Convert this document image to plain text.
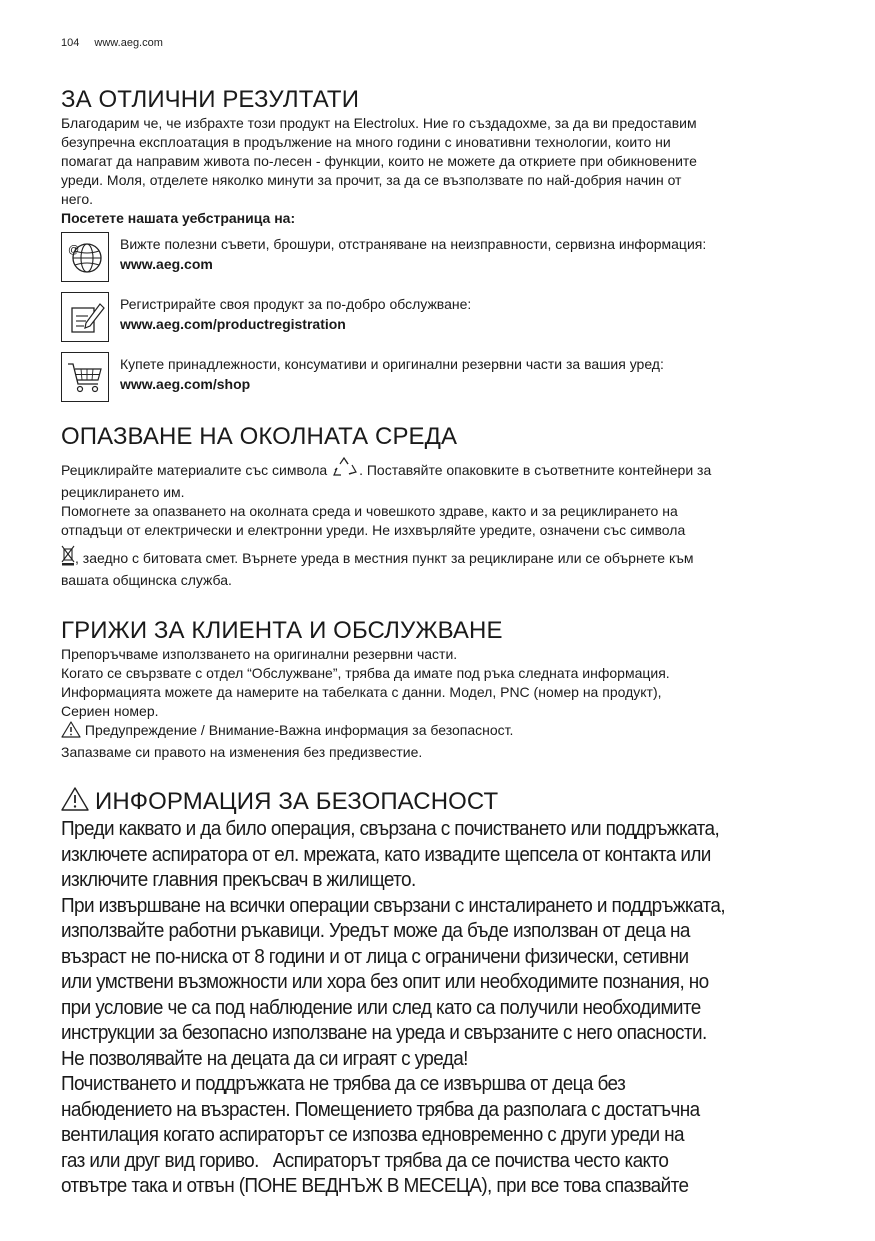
104 www.aeg.com
ЗА ОТЛИЧНИ РЕЗУЛТАТИ
Благодарим че, че избрахте този продукт на Electrolux. Ние го създадохме, за да ви предоставим
безупречна експлоатация в продължение на много години с иновативни технологии, които ни
помагат да направим живота по-лесен - функции, които не можете да откриете при обикновените
уреди. Моля, отделете няколко минути за прочит, за да се възползвате по най-добрия начин от
него.
Посетете нашата уебстраница на:
@	Вижте полезни съвети, брошури, отстраняване на неизправности, сервизна информация:
www.aeg.com
Регистрирайте своя продукт за по-добро обслужване:
www.aeg.com/productregistration
Купете принадлежности, консумативи и оригинални резервни части за вашия уред:
www.aeg.com/shop
ОПАЗВАНЕ НА ОКОЛНАТА СРЕДА
Рециклирайте материалите със символа . Поставяйте опаковките в съответните контейнери за
рециклирането им.
Помогнете за опазването на околната среда и човешкото здраве, както и за рециклирането на
отпадъци от електрически и електронни уреди. Не изхвърляйте уредите, означени със символа
, заедно с битовата смет. Върнете уреда в местния пункт за рециклиране или се обърнете към
вашата общинска служба.
ГРИЖИ ЗА КЛИЕНТА И ОБСЛУЖВАНЕ
Препоръчваме използването на оригинални резервни части.
Когато се свързвате с отдел “Обслужване”, трябва да имате под ръка следната информация.
Информацията можете да намерите на табелката с данни. Модел, PNC (номер на продукт),
Сериен номер.
Предупреждение / Внимание-Важна информация за безопасност.
Запазваме си правото на изменения без предизвестие.
ИНФОРМАЦИЯ ЗА БЕЗОПАСНОСТ
Преди каквато и да било операция, свързана с почистването или поддръжката,
изключете аспиратора от ел. мрежата, като извадите щепсела от контакта или
изключите главния прекъсвач в жилището.
При извършване на всички операции свързани с инсталирането и поддръжката,
използвайте работни ръкавици. Уредът може да бъде използван от деца на
възраст не по-ниска от 8 години и от лица с ограничени физически, сетивни
или умствени възможности или хора без опит или необходимите познания, но
при условие че са под наблюдение или след като са получили необходимите
инструкции за безопасно използване на уреда и свързаните с него опасности.
Не позволявайте на децата да си играят с уреда!
Почистването и поддръжката не трябва да се извършва от деца без
набюдението на възрастен. Помещението трябва да разполага с достатъчна
вентилация когато аспираторът се изпозва едновременно с други уреди на
газ или друг вид гориво.   Аспираторът трябва да се почиства често както
отвътре така и отвън (ПОНЕ ВЕДНЪЖ В МЕСЕЦА), при все това спазвайте
